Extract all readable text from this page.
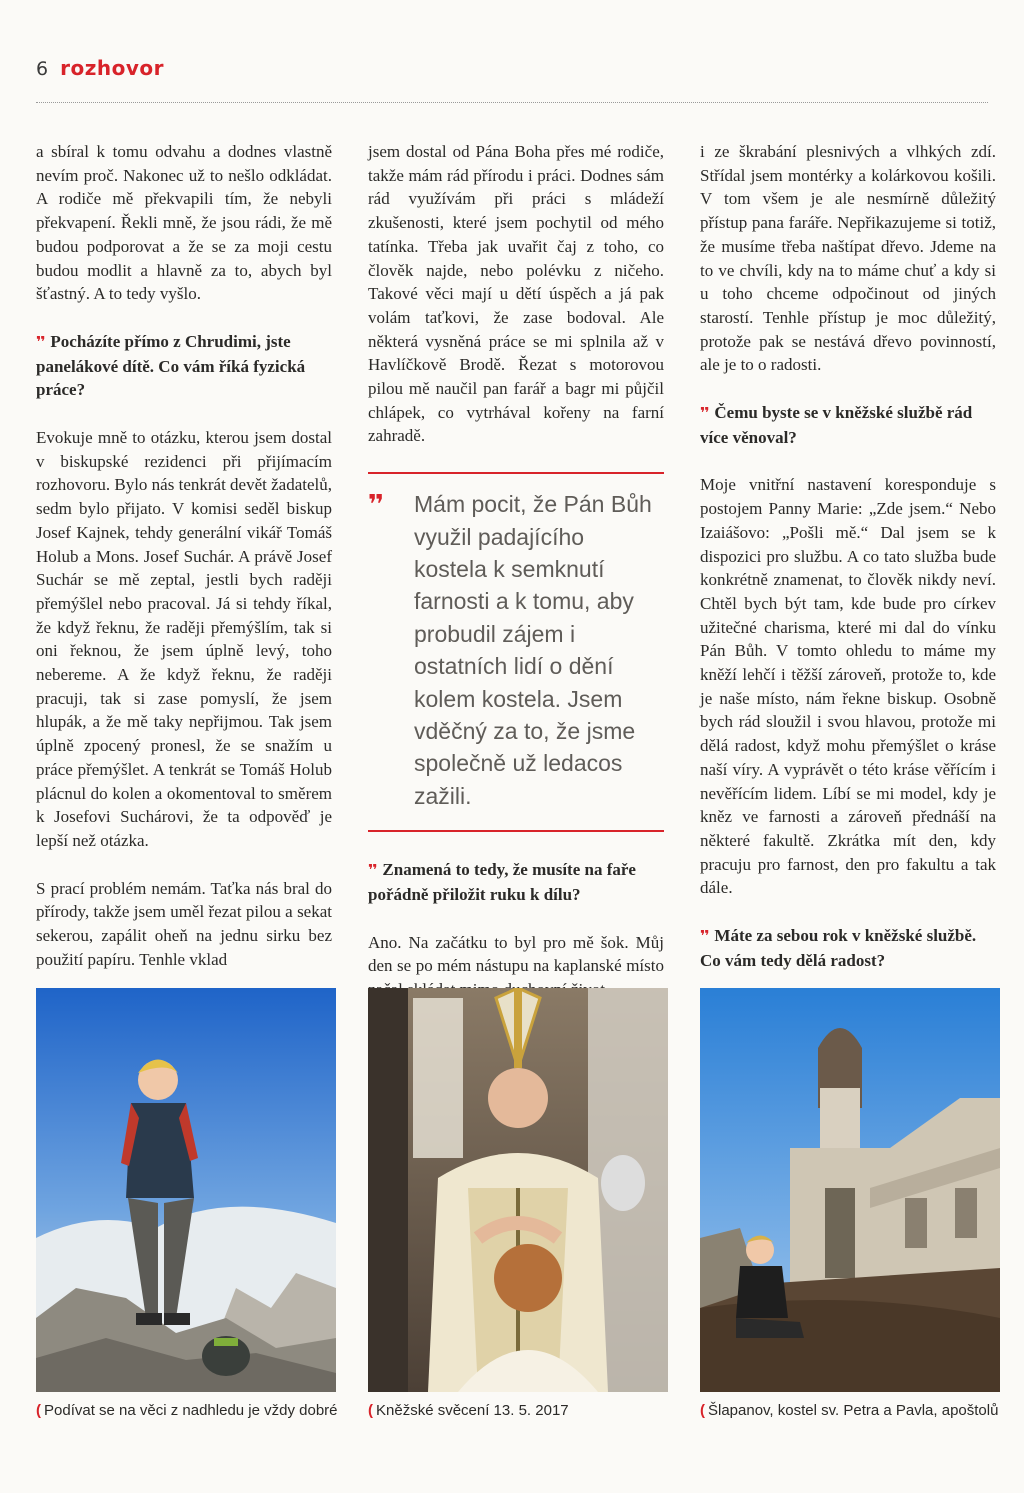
6 rozhovor

a sbíral k tomu odvahu a dodnes vlastně nevím proč. Nakonec už to nešlo odkládat. A rodiče mě překvapili tím, že nebyli překvapení. Řekli mně, že jsou rádi, že mě budou podporovat a že se za moji cestu budou modlit a hlavně za to, abych byl šťastný. A to tedy vyšlo.

❜❜ Pocházíte přímo z Chrudimi, jste panelákové dítě. Co vám říká fyzická práce?

Evokuje mně to otázku, kterou jsem dostal v biskupské rezidenci při přijímacím rozhovoru. Bylo nás tenkrát devět žadatelů, sedm bylo přijato. V komisi seděl biskup Josef Kajnek, tehdy generální vikář Tomáš Holub a Mons. Josef Suchár. A právě Josef Suchár se mě zeptal, jestli bych raději přemýšlel nebo pracoval. Já si tehdy říkal, že když řeknu, že raději přemýšlím, tak si oni řeknou, že jsem úplně levý, toho nebereme. A že když řeknu, že raději pracuji, tak si zase pomyslí, že jsem hlupák, a že mě taky nepřijmou. Tak jsem úplně zpocený pronesl, že se snažím u práce přemýšlet. A tenkrát se Tomáš Holub plácnul do kolen a okomentoval to směrem k Josefovi Suchárovi, že ta odpověď je lepší než otázka.

S prací problém nemám. Taťka nás bral do přírody, takže jsem uměl řezat pilou a sekat sekerou, zapálit oheň na jednu sirku bez použití papíru. Tenhle vklad

jsem dostal od Pána Boha přes mé rodiče, takže mám rád přírodu i práci. Dodnes sám rád využívám při práci s mládeží zkušenosti, které jsem pochytil od mého tatínka. Třeba jak uvařit čaj z toho, co člověk najde, nebo polévku z ničeho. Takové věci mají u dětí úspěch a já pak volám taťkovi, že zase bodoval. Ale některá vysněná práce se mi splnila až v Havlíčkově Brodě. Řezat s motorovou pilou mě naučil pan farář a bagr mi půjčil chlápek, co vytrhával kořeny na farní zahradě.

❜❜ Mám pocit, že Pán Bůh využil padajícího kostela k semknutí farnosti a k tomu, aby probudil zájem i ostatních lidí o dění kolem kostela. Jsem vděčný za to, že jsme společně už ledacos zažili.
❜❜ Znamená to tedy, že musíte na faře pořádně přiložit ruku k dílu?

Ano. Na začátku to byl pro mě šok. Můj den se po mém nástupu na kaplanské místo

i ze škrabání plesnivých a vlhkých zdí. Střídal jsem montérky a kolárkovou košili. V tom všem je ale nesmírně důležitý přístup pana faráře. Nepřikazujeme si totiž, že musíme třeba naštípat dřevo. Jdeme na to ve chvíli, kdy na to máme chuť a kdy si u toho chceme odpočinout od jiných starostí. Tenhle přístup je moc důležitý, protože pak se nestává dřevo povinností, ale je to o radosti.

❜❜ Čemu byste se v kněžské službě rád více věnoval?

Moje vnitřní nastavení koresponduje s postojem Panny Marie: „Zde jsem.“ Nebo Izaiášovo: „Pošli mě.“ Dal jsem se k dispozici pro službu. A co tato služba bude konkrétně znamenat, to člověk nikdy neví. Chtěl bych být tam, kde bude pro církev užitečné charisma, které mi dal do vínku Pán Bůh. V tomto ohledu to máme my kněží lehčí i těžší zároveň, protože to, kde je naše místo, nám řekne biskup. Osobně bych rád sloužil i svou hlavou, protože mi dělá radost, když mohu přemýšlet o kráse naší víry. A vyprávět o této kráse věřícím i nevěřícím lidem. Líbí se mi model, kdy je kněz ve farnosti a zároveň přednáší na některé fakultě. Zkrátka mít den, kdy pracuju pro farnost, den pro fakultu a tak dále.

❜❜ Máte za sebou rok v kněžské službě. Co vám tedy dělá radost?
( Podívat se na věci z nadhledu je vždy dobré	( Kněžské svěcení 13. 5. 2017	( Šlapanov, kostel sv. Petra a Pavla, apoštolů
